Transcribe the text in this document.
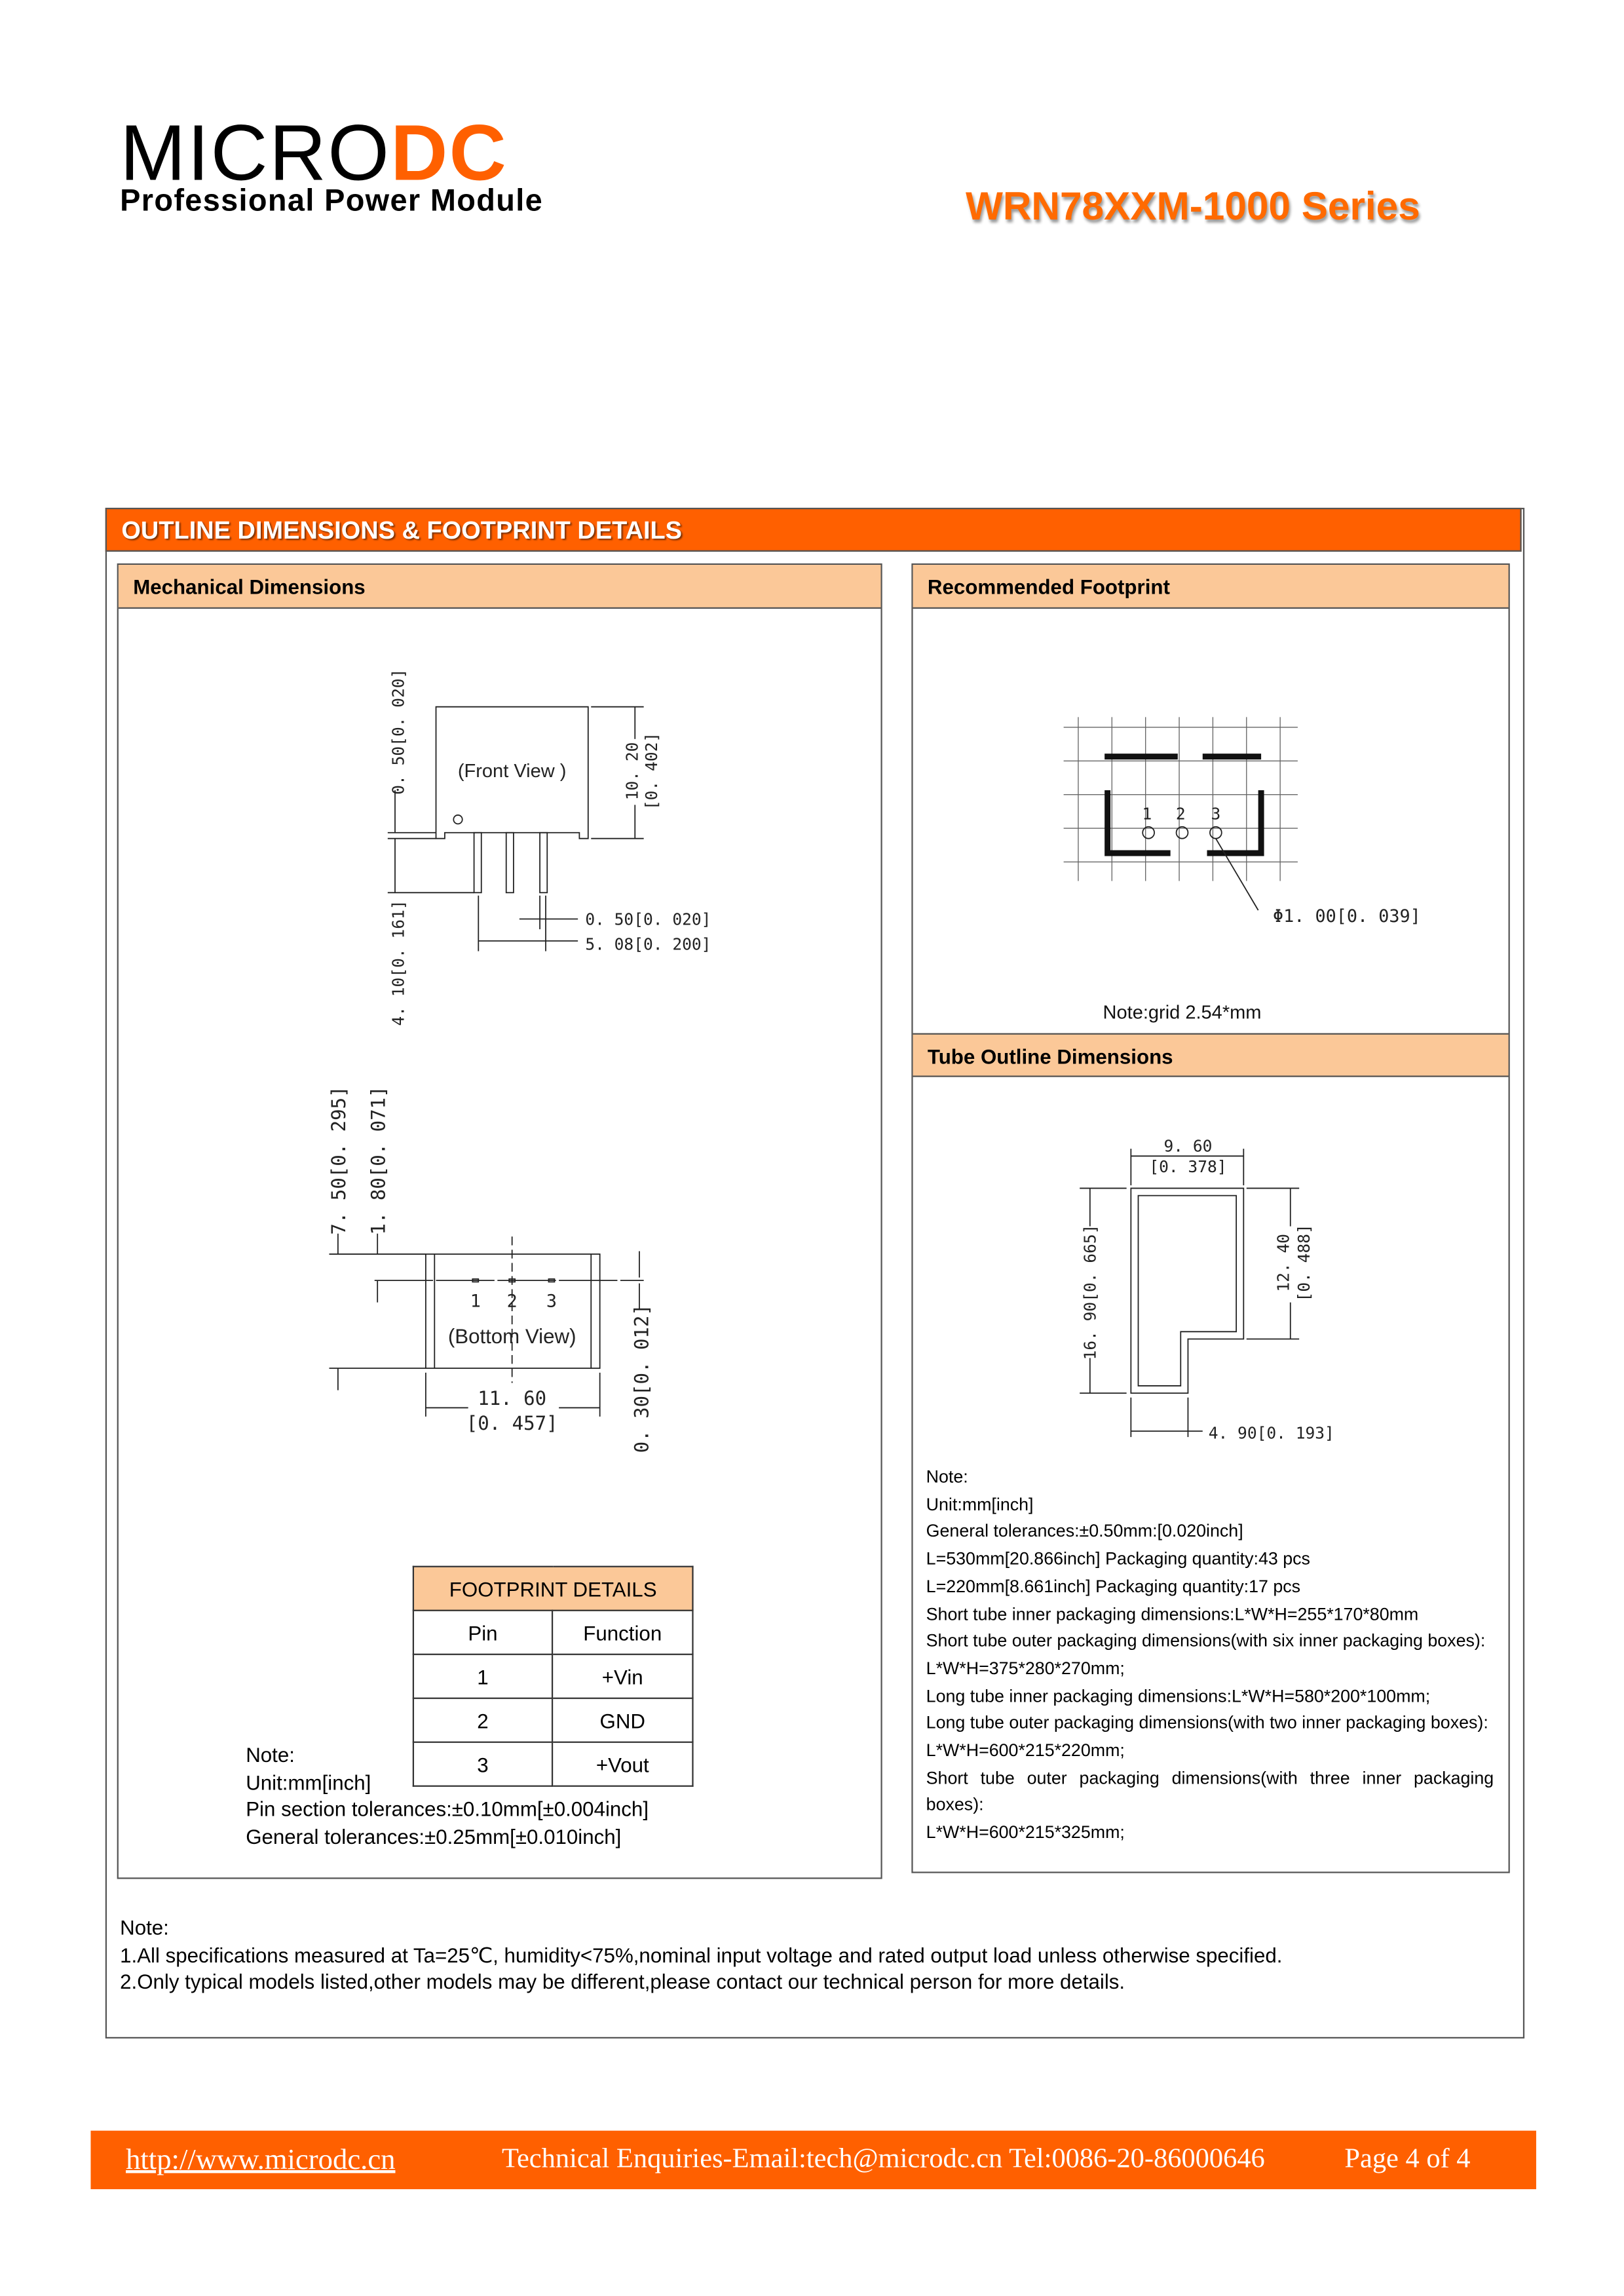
MICRODC
Professional Power Module	WRN78XXM-1000 Series
OUTLINE DIMENSIONS & FOOTPRINT DETAILS
Mechanical Dimensions	Recommended Footprint
Tube Outline Dimensions
(Front View )
0. 50[0. 020]
4. 10[0. 161]
10. 20 [0. 402]
0. 50[0. 020]
5. 08[0. 200]
1	2	3
(Bottom View)
7. 50[0. 295] 1. 80[0. 071]
11. 60
[0. 457]	0. 30[0. 012]
1	2	3
Φ1. 00[0. 039]
Note:grid 2.54*mm
9. 60
[0. 378]
16. 90[0. 665]	12. 40 [0. 488]
4. 90[0. 193]
FOOTPRINT DETAILS	
Pin	Function
1	+Vin
2	GND
3	+Vout
Note:
Unit:mm[inch]
Pin section tolerances:±0.10mm[±0.004inch]
General tolerances:±0.25mm[±0.010inch]
Note:
Unit:mm[inch]
General tolerances:±0.50mm:[0.020inch]
L=530mm[20.866inch] Packaging quantity:43 pcs
L=220mm[8.661inch] Packaging quantity:17 pcs
Short tube inner packaging dimensions:L*W*H=255*170*80mm
Short tube outer packaging dimensions(with six inner packaging boxes):
L*W*H=375*280*270mm;
Long tube inner packaging dimensions:L*W*H=580*200*100mm;
Long tube outer packaging dimensions(with two inner packaging boxes):
L*W*H=600*215*220mm;
Short tube outer packaging dimensions(with three inner packaging boxes):
L*W*H=600*215*325mm;
Note:
1.All specifications measured at Ta=25℃, humidity<75%,nominal input voltage and rated output load unless otherwise specified.
2.Only typical models listed,other models may be different,please contact our technical person for more details.
http://www.microdc.cn	Technical Enquiries-Email:tech@microdc.cn Tel:0086-20-86000646	Page 4 of 4
